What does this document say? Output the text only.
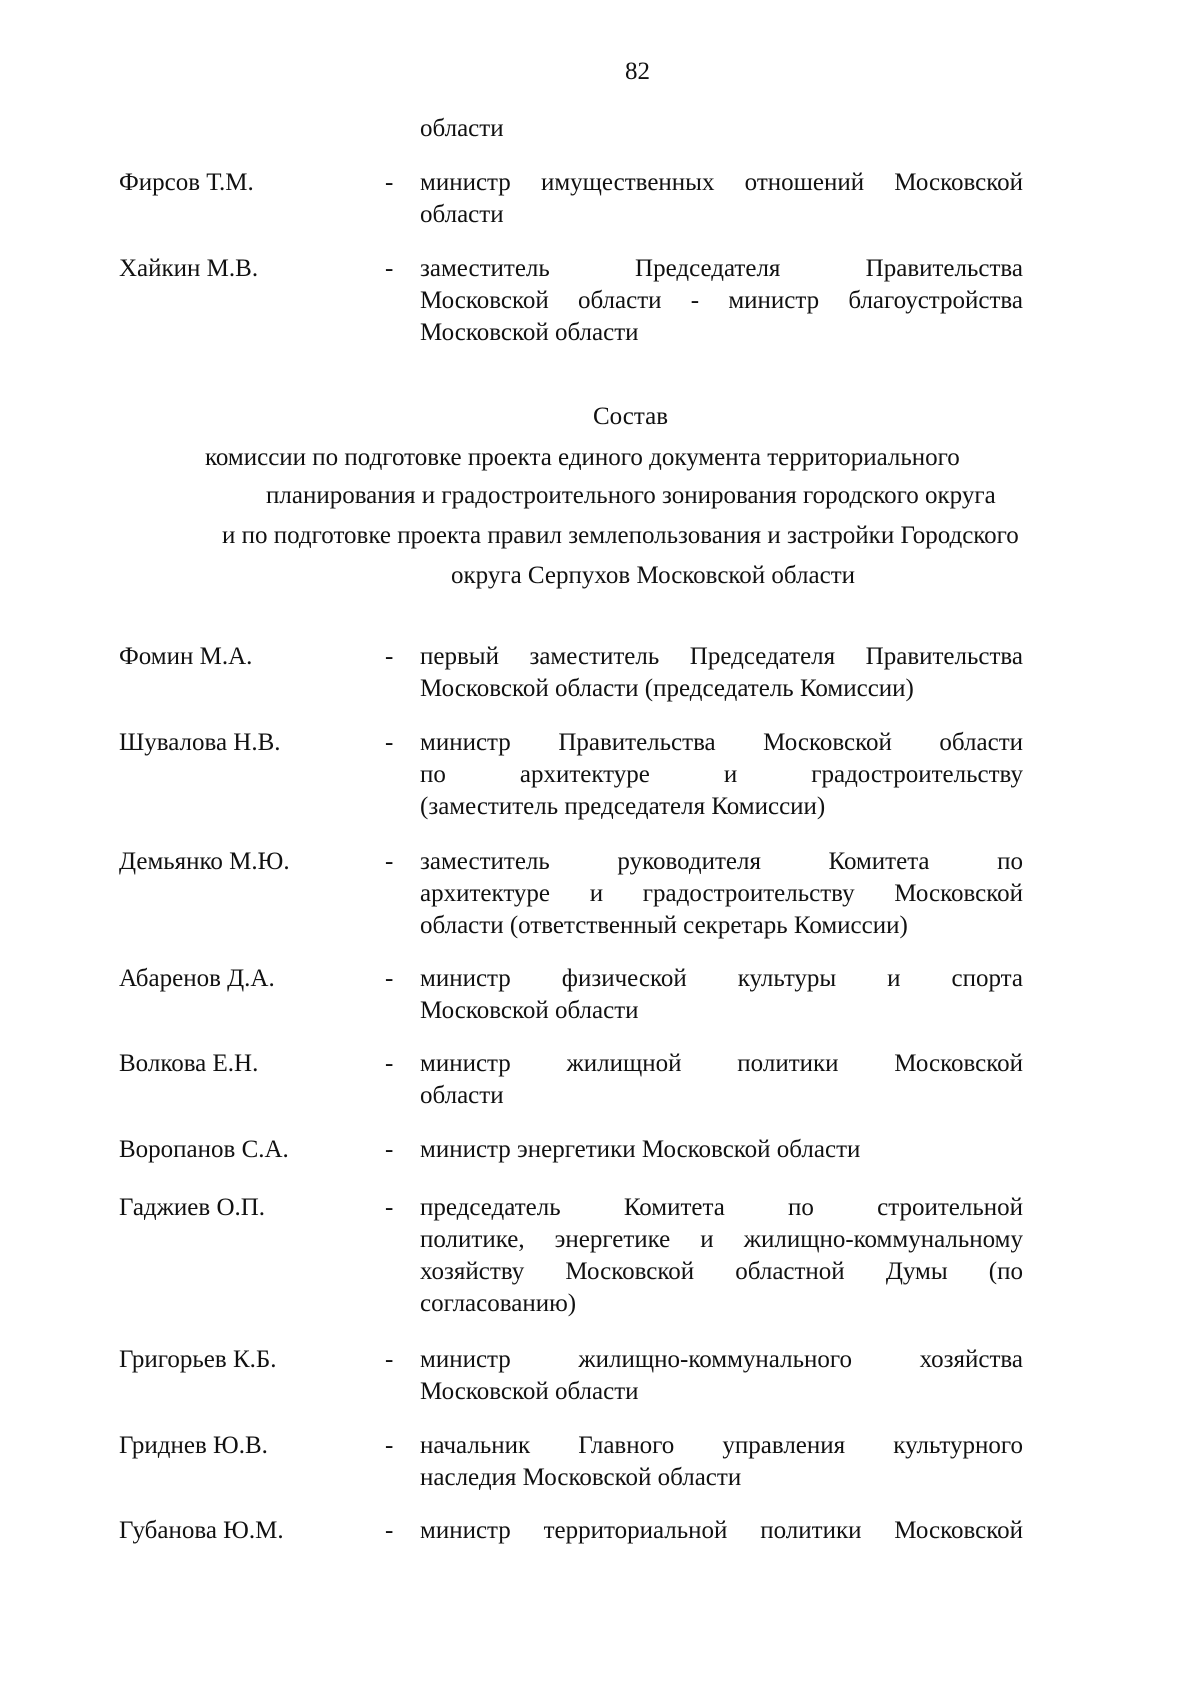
82
области
Фирсов Т.М.	- министр имущественных отношений Московской
области
Хайкин М.В.	- заместитель Председателя Правительства
Московской области - министр благоустройства
Московской области
Состав
комиссии по подготовке проекта единого документа территориального
планирования и градостроительного зонирования городского округа
и по подготовке проекта правил землепользования и застройки Городского
округа Серпухов Московской области
Фомин М.А.	- первый заместитель Председателя Правительства
Московской области (председатель Комиссии)
Шувалова Н.В.	- министр Правительства Московской области
по архитектуре и градостроительству
(заместитель председателя Комиссии)
Демьянко М.Ю.	- заместитель руководителя Комитета по
архитектуре и градостроительству Московской
области (ответственный секретарь Комиссии)
Абаренов Д.А.	- министр физической культуры и спорта
Московской области
Волкова Е.Н.	- министр жилищной политики Московской
области
Воропанов С.А.	- министр энергетики Московской области
Гаджиев О.П.	- председатель Комитета по строительной
политике, энергетике и жилищно-коммунальному
хозяйству Московской областной Думы (по
согласованию)
Григорьев К.Б.	- министр жилищно-коммунального хозяйства
Московской области
Гриднев Ю.В.	- начальник Главного управления культурного
наследия Московской области
Губанова Ю.М.	- министр территориальной политики Московской
